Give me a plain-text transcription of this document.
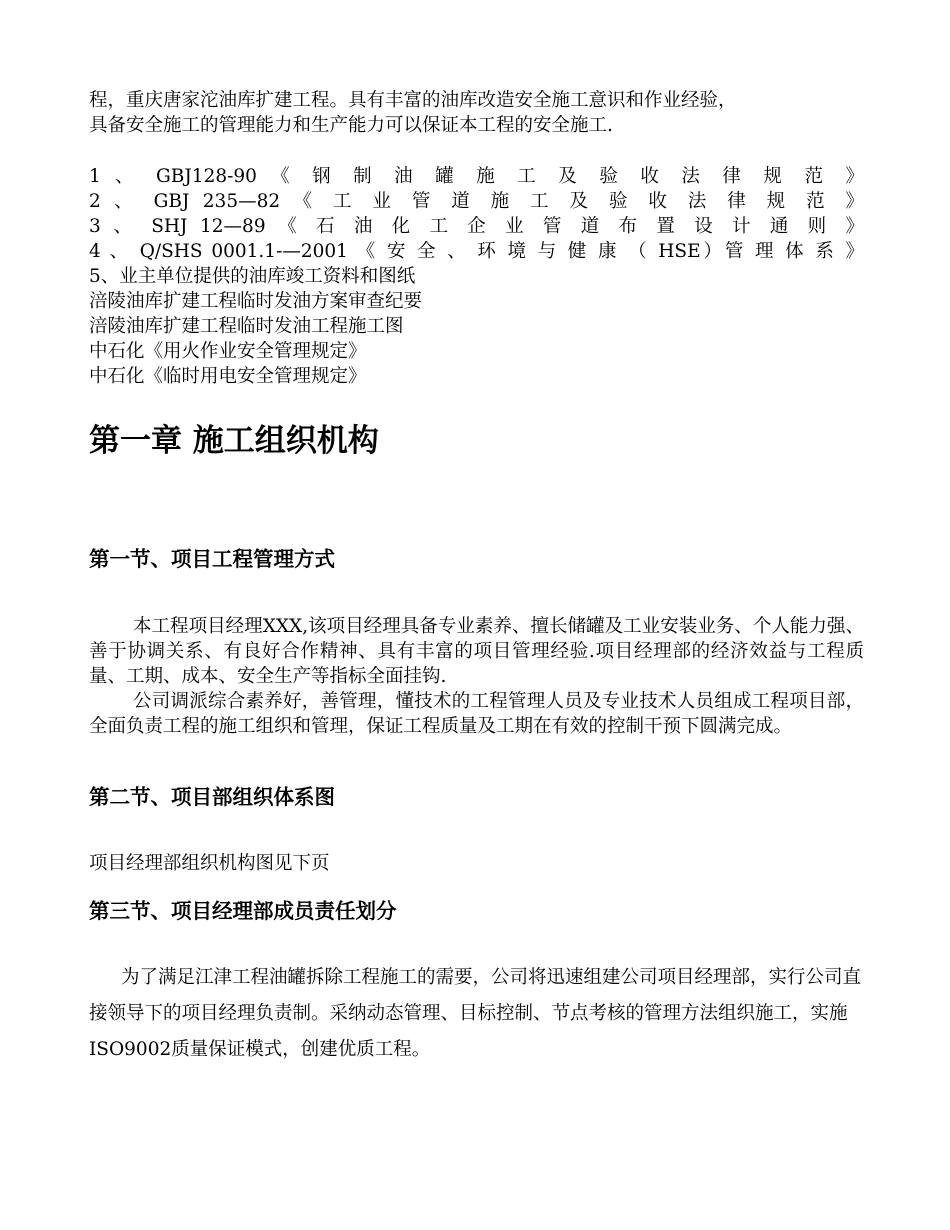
程，重庆唐家沱油库扩建工程。具有丰富的油库改造安全施工意识和作业经验，

具备安全施工的管理能力和生产能力可以保证本工程的安全施工.

1 、 GBJ128-90 《 钢 制 油 罐 施 工 及 验 收 法 律 规 范 》
2 、 GBJ 235—82 《 工 业 管 道 施 工 及 验 收 法 律 规 范 》
3 、 SHJ 12—89 《 石 油 化 工 企 业 管 道 布 置 设 计 通 则 》
4 、 Q/SHS 0001.1-—2001 《 安 全 、 环 境 与 健 康 （ HSE）管 理 体 系 》
5、业主单位提供的油库竣工资料和图纸
涪陵油库扩建工程临时发油方案审查纪要
涪陵油库扩建工程临时发油工程施工图
中石化《用火作业安全管理规定》
中石化《临时用电安全管理规定》
第一章 施工组织机构
第一节、项目工程管理方式

本工程项目经理XXX,该项目经理具备专业素养、擅长储罐及工业安装业务、个人能力强、善于协调关系、有良好合作精神、具有丰富的项目管理经验.项目经理部的经济效益与工程质量、工期、成本、安全生产等指标全面挂钩.

公司调派综合素养好，善管理，懂技术的工程管理人员及专业技术人员组成工程项目部，全面负责工程的施工组织和管理，保证工程质量及工期在有效的控制干预下圆满完成。

第二节、项目部组织体系图

项目经理部组织机构图见下页

第三节、项目经理部成员责任划分

为了满足江津工程油罐拆除工程施工的需要，公司将迅速组建公司项目经理部，实行公司直接领导下的项目经理负责制。采纳动态管理、目标控制、节点考核的管理方法组织施工，实施ISO9002质量保证模式，创建优质工程。
